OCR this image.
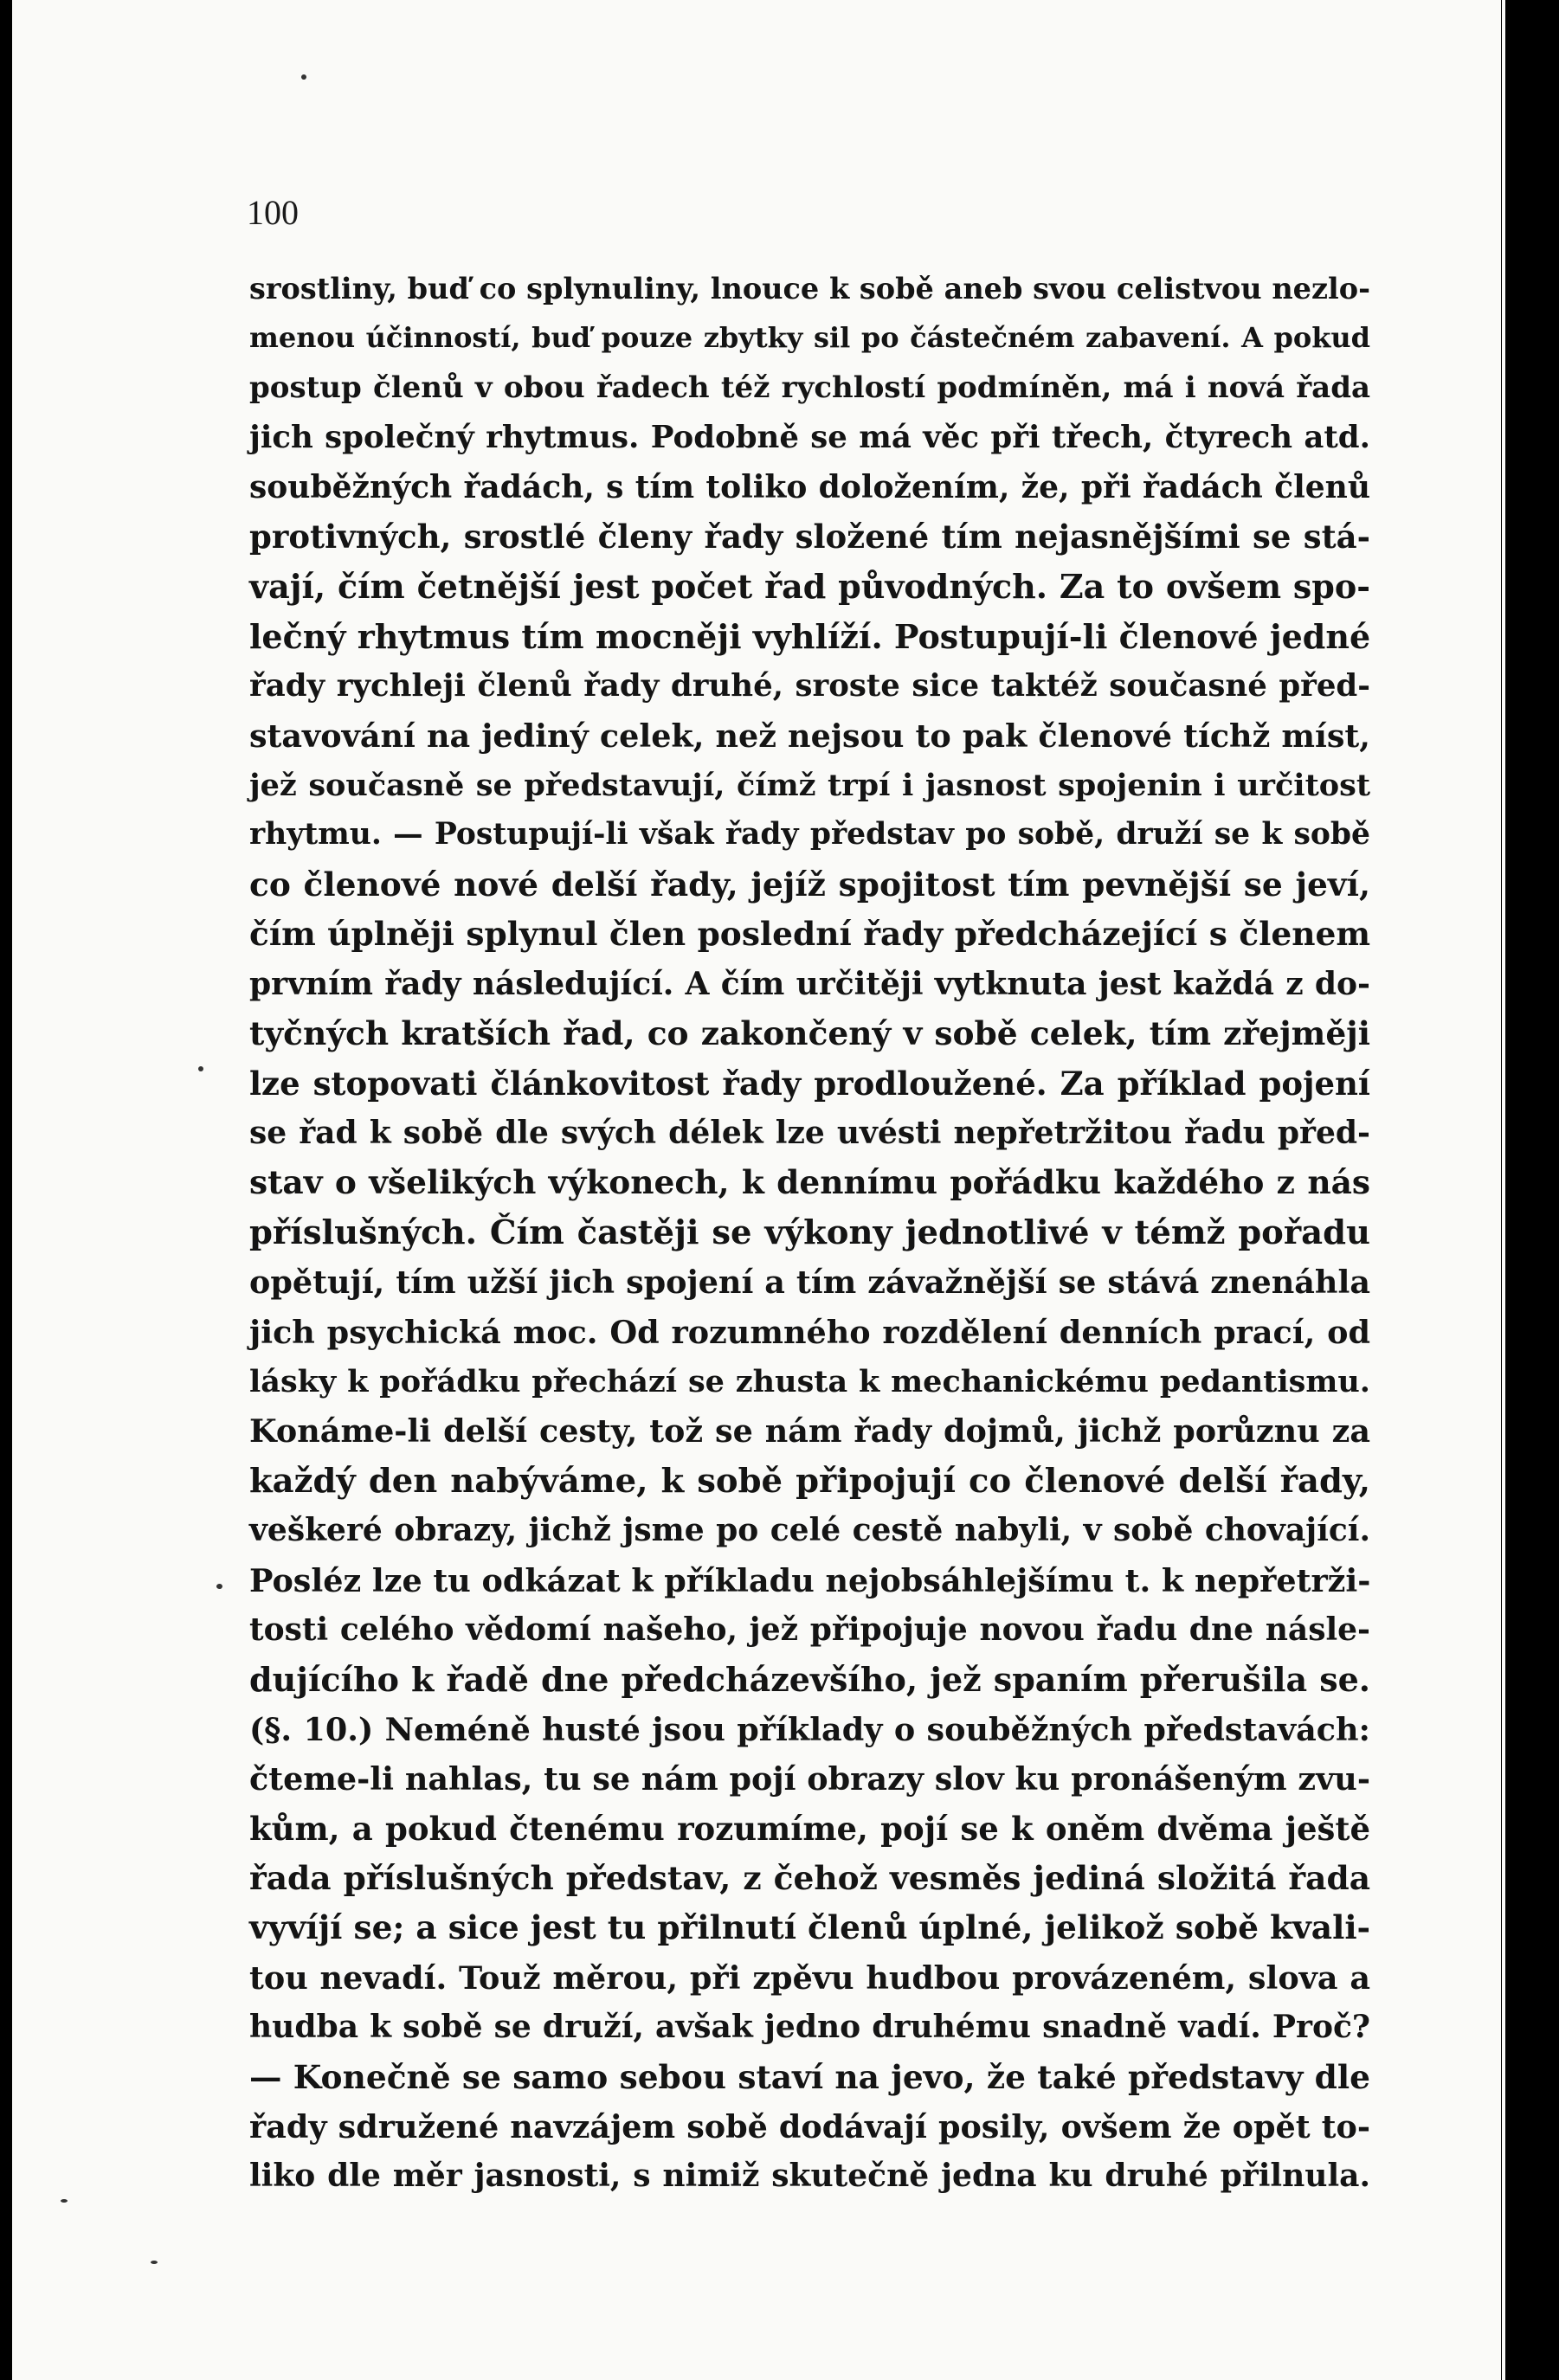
100
srostliny, buď co splynuliny, lnouce k sobě aneb svou celistvou nezlo-
menou účinností, buď pouze zbytky sil po částečném zabavení. A pokud
postup členů v obou řadech též rychlostí podmíněn, má i nová řada
jich společný rhytmus. Podobně se má věc při třech, čtyrech atd.
souběžných řadách, s tím toliko doložením, že, při řadách členů
protivných, srostlé členy řady složené tím nejasnějšími se stá-
vají, čím četnější jest počet řad původných. Za to ovšem spo-
lečný rhytmus tím mocněji vyhlíží. Postupují-li členové jedné
řady rychleji členů řady druhé, sroste sice taktéž současné před-
stavování na jediný celek, než nejsou to pak členové tíchž míst,
jež současně se představují, čímž trpí i jasnost spojenin i určitost
rhytmu. — Postupují-li však řady představ po sobě, druží se k sobě
co členové nové delší řady, jejíž spojitost tím pevnější se jeví,
čím úplněji splynul člen poslední řady předcházející s členem
prvním řady následující. A čím určitěji vytknuta jest každá z do-
tyčných kratších řad, co zakončený v sobě celek, tím zřejměji
lze stopovati článkovitost řady prodloužené. Za příklad pojení
se řad k sobě dle svých délek lze uvésti nepřetržitou řadu před-
stav o všelikých výkonech, k dennímu pořádku každého z nás
příslušných. Čím častěji se výkony jednotlivé v témž pořadu
opětují, tím užší jich spojení a tím závažnější se stává znenáhla
jich psychická moc. Od rozumného rozdělení denních prací, od
lásky k pořádku přechází se zhusta k mechanickému pedantismu.
Konáme-li delší cesty, tož se nám řady dojmů, jichž porůznu za
každý den nabýváme, k sobě připojují co členové delší řady,
veškeré obrazy, jichž jsme po celé cestě nabyli, v sobě chovající.
Posléz lze tu odkázat k příkladu nejobsáhlejšímu t. k nepřetrži-
tosti celého vědomí našeho, jež připojuje novou řadu dne násle-
dujícího k řadě dne předcházevšího, jež spaním přerušila se.
(§. 10.) Neméně husté jsou příklady o souběžných představách:
čteme-li nahlas, tu se nám pojí obrazy slov ku pronášeným zvu-
kům, a pokud čtenému rozumíme, pojí se k oněm dvěma ještě
řada příslušných představ, z čehož vesměs jediná složitá řada
vyvíjí se; a sice jest tu přilnutí členů úplné, jelikož sobě kvali-
tou nevadí. Touž měrou, při zpěvu hudbou provázeném, slova a
hudba k sobě se druží, avšak jedno druhému snadně vadí. Proč?
— Konečně se samo sebou staví na jevo, že také představy dle
řady sdružené navzájem sobě dodávají posily, ovšem že opět to-
liko dle měr jasnosti, s nimiž skutečně jedna ku druhé přilnula.
